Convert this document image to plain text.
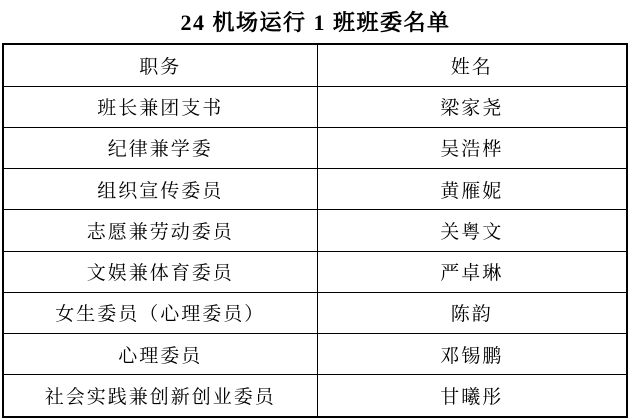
24 机场运行 1 班班委名单
职务	姓名
班长兼团支书	梁家尧
纪律兼学委	吴浩桦
组织宣传委员	黄雁妮
志愿兼劳动委员	关粤文
文娱兼体育委员	严卓琳
女生委员（心理委员）	陈韵
心理委员	邓锡鹏
社会实践兼创新创业委员	甘曦彤
